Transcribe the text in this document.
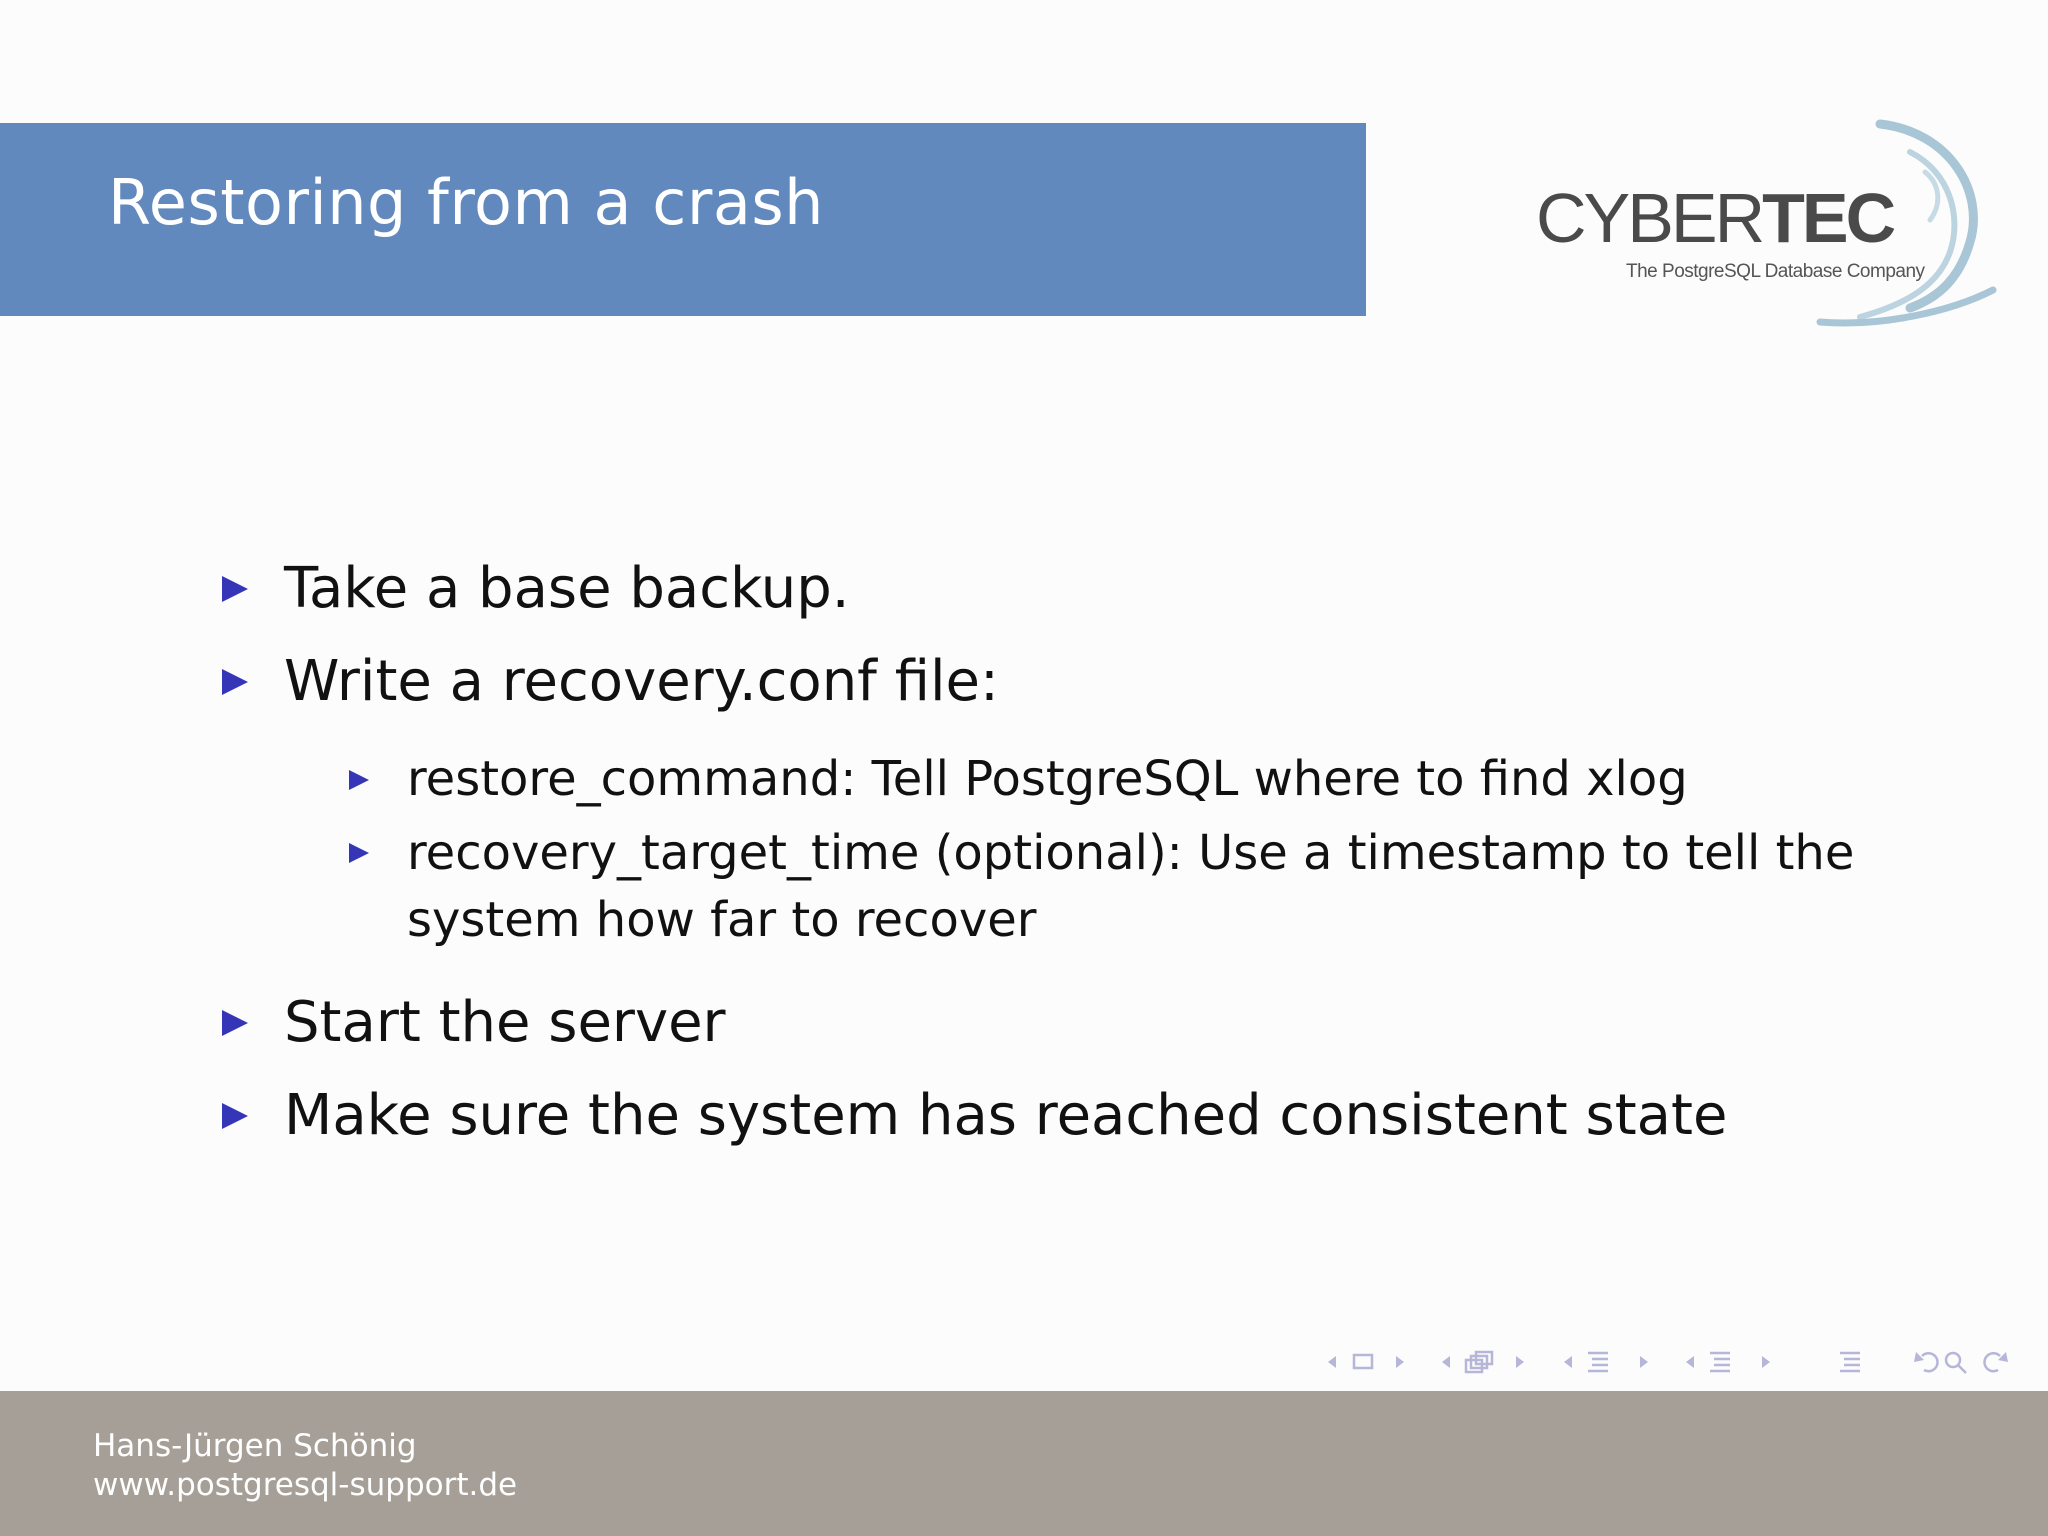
Restoring from a crash	CYBERTEC
The PostgreSQL Database Company
Take a base backup.
Write a recovery.conf file:
restore_command: Tell PostgreSQL where to find xlog
recovery_target_time (optional): Use a timestamp to tell the
system how far to recover
Start the server
Make sure the system has reached consistent state
Hans-Jürgen Schönig
www.postgresql-support.de
